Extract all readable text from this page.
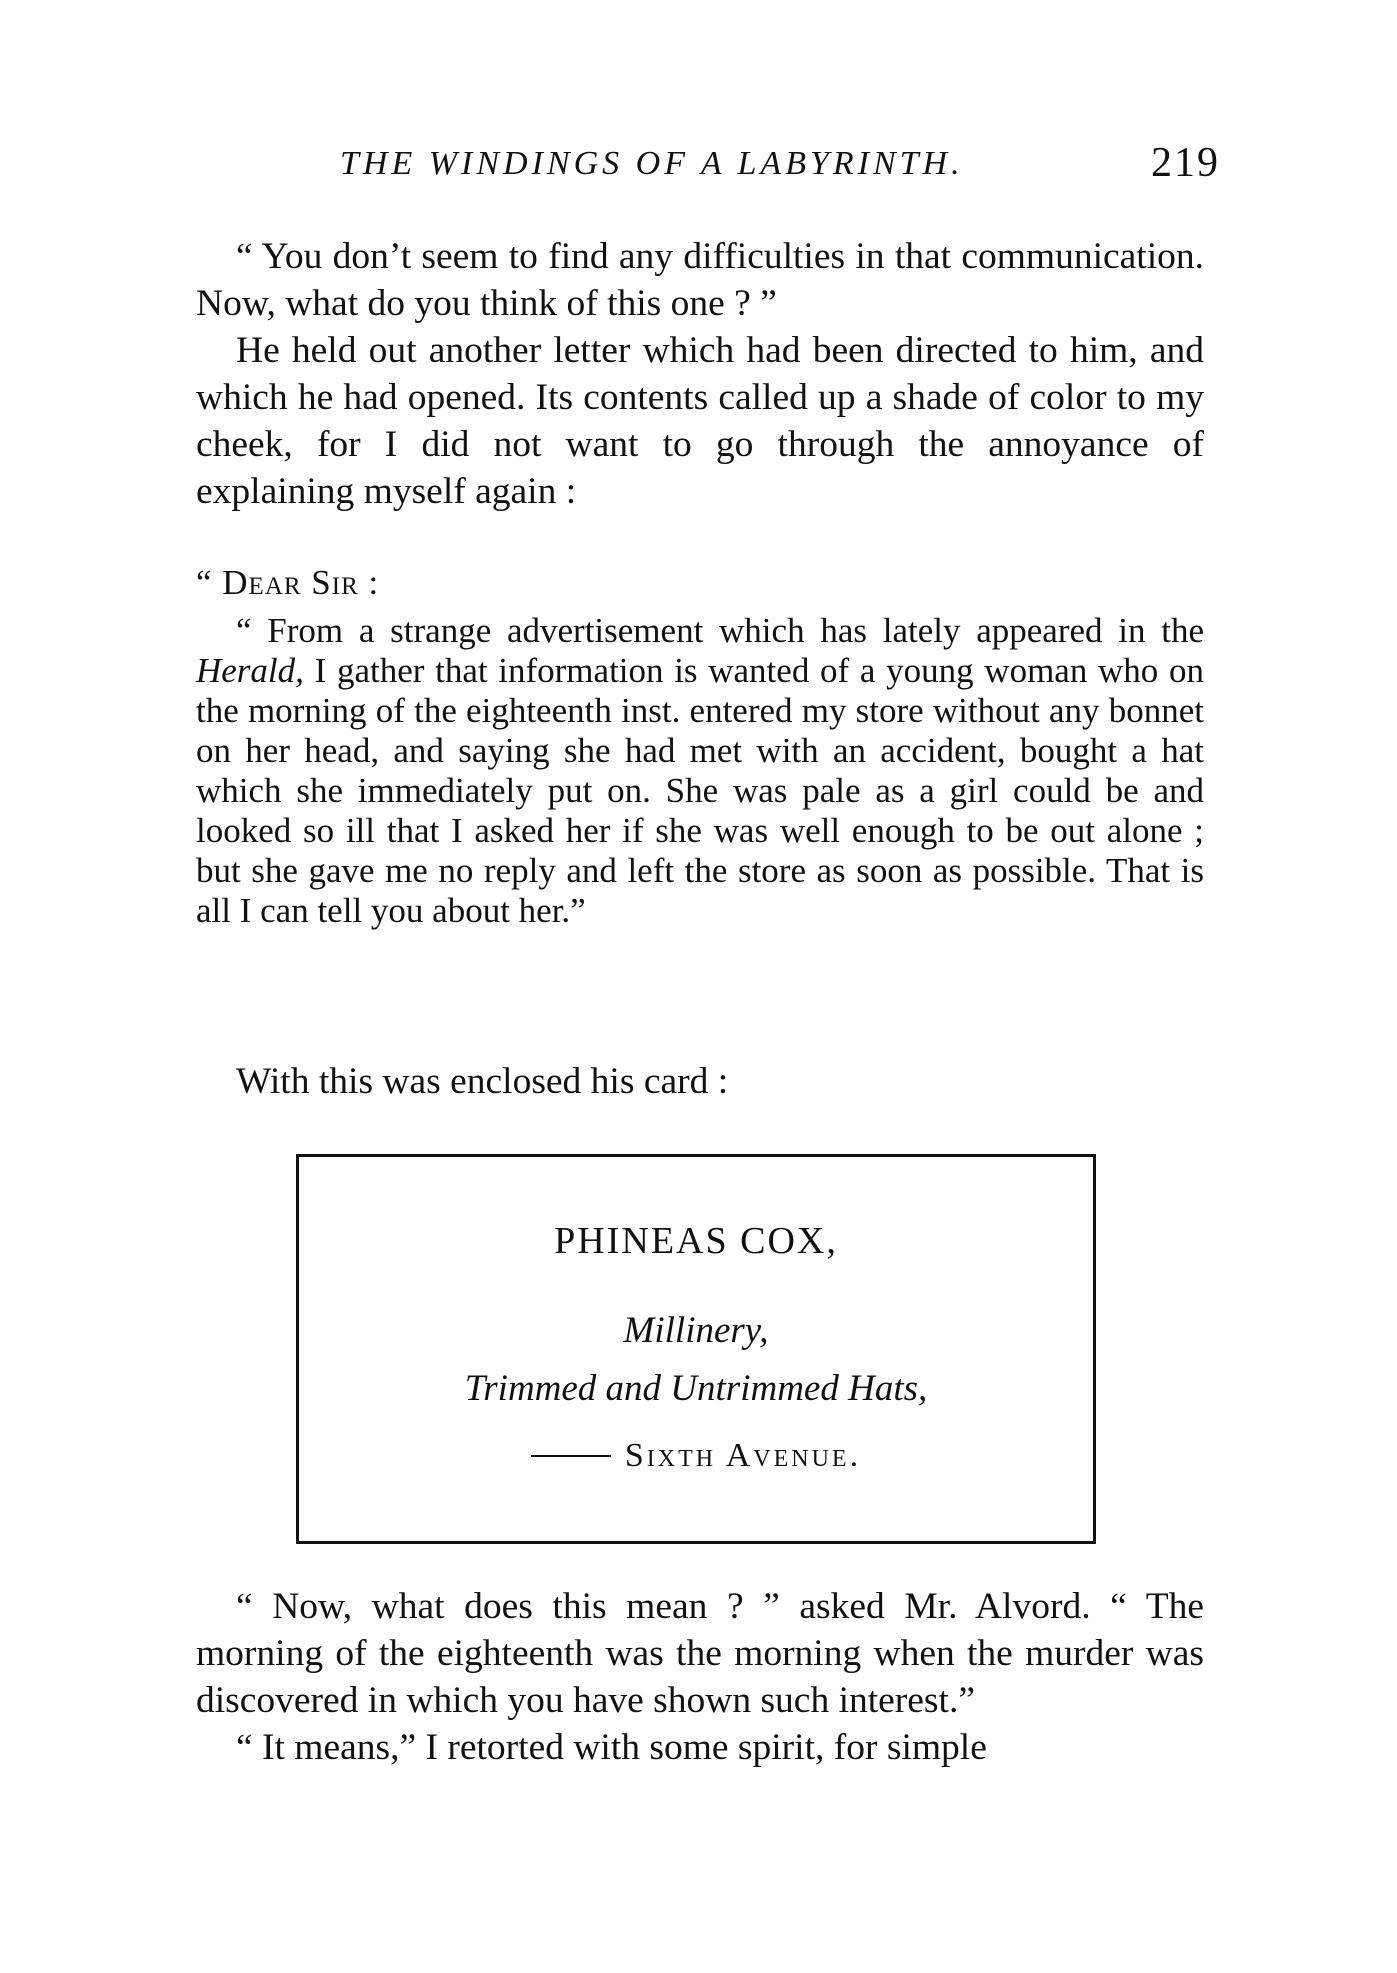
THE WINDINGS OF A LABYRINTH.	219

“ You don’t seem to find any difficulties in that communication. Now, what do you think of this one ? ”

He held out another letter which had been directed to him, and which he had opened. Its contents called up a shade of color to my cheek, for I did not want to go through the annoyance of explaining myself again :

“ Dear Sir :

“ From a strange advertisement which has lately appeared in the Herald, I gather that information is wanted of a young woman who on the morning of the eighteenth inst. entered my store without any bonnet on her head, and saying she had met with an accident, bought a hat which she immediately put on. She was pale as a girl could be and looked so ill that I asked her if she was well enough to be out alone ; but she gave me no reply and left the store as soon as possible. That is all I can tell you about her.”

With this was enclosed his card :

PHINEAS COX,
Millinery,
Trimmed and Untrimmed Hats,
Sixth Avenue.

“ Now, what does this mean ? ” asked Mr. Alvord. “ The morning of the eighteenth was the morning when the murder was discovered in which you have shown such interest.”

“ It means,” I retorted with some spirit, for simple
